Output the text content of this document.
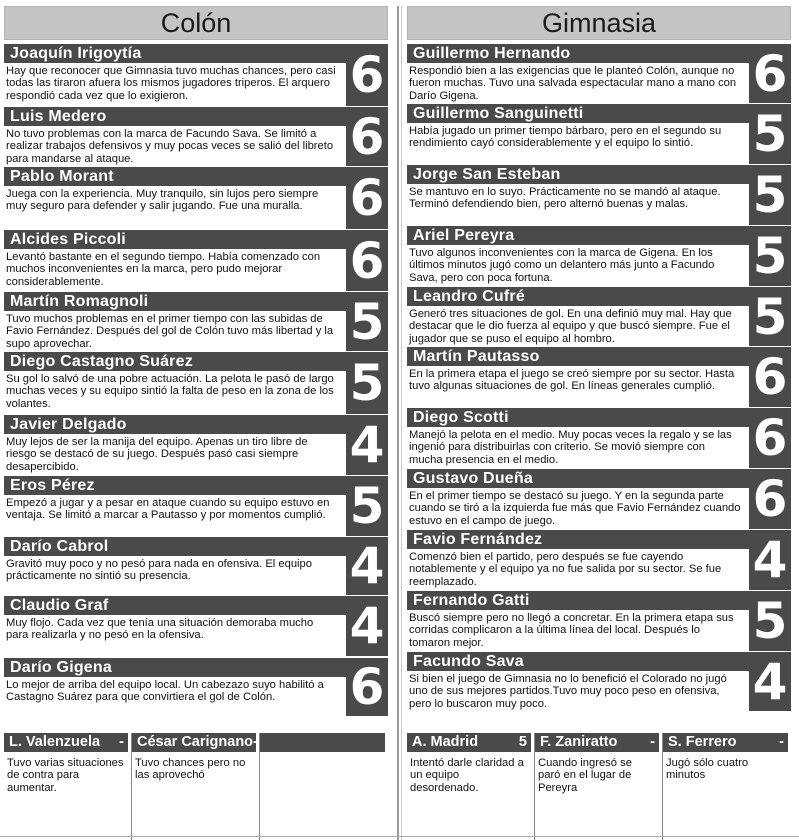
Colón
Joaquín Irigoytía
Hay que reconocer que Gimnasia tuvo muchas chances, pero casi todas las tiraron afuera los mismos jugadores triperos. El arquero respondió cada vez que lo exigieron.	6
Luis Medero
No tuvo problemas con la marca de Facundo Sava. Se limitó a realizar trabajos defensivos y muy pocas veces se salió del libreto para mandarse al ataque.	6
Pablo Morant
Juega con la experiencia. Muy tranquilo, sin lujos pero siempre muy seguro para defender y salir jugando. Fue una muralla. 6
Alcides Piccoli
Levantó bastante en el segundo tiempo. Había comenzado con muchos inconvenientes en la marca, pero pudo mejorar considerablemente.	6
Martín Romagnoli
Tuvo muchos problemas en el primer tiempo con las subidas de Favio Fernández. Después del gol de Colón tuvo más libertad y la supo aprovechar.	5
Diego Castagno Suárez
Su gol lo salvó de una pobre actuación. La pelota le pasó de largo muchas veces y su equipo sintió la falta de peso en la zona de los volantes.	5
Javier Delgado
Muy lejos de ser la manija del equipo. Apenas un tiro libre de riesgo se destacó de su juego. Después pasó casi siempre desapercibido.	4
Eros Pérez
Empezó a jugar y a pesar en ataque cuando su equipo estuvo en ventaja. Se limitó a marcar a Pautasso y por momentos cumplió. 5
Darío Cabrol
Gravitó muy poco y no pesó para nada en ofensiva. El equipo prácticamente no sintió su presencia.	4
Claudio Graf
Muy flojo. Cada vez que tenía una situación demoraba mucho para realizarla y no pesó en la ofensiva.	4
Darío Gigena
Lo mejor de arriba del equipo local. Un cabezazo suyo habilitó a Castagno Suárez para que convirtiera el gol de Colón.	6
Gimnasia
Guillermo Hernando
Respondió bien a las exigencias que le planteó Colón, aunque no fueron muchas. Tuvo una salvada espectacular mano a mano con Darío Gigena.	6
Guillermo Sanguinetti
Había jugado un primer tiempo bárbaro, pero en el segundo su rendimiento cayó considerablemente y el equipo lo sintió.	5
Jorge San Esteban
Se mantuvo en lo suyo. Prácticamente no se mandó al ataque. Terminó defendiendo bien, pero alternó buenas y malas.	5
Ariel Pereyra
Tuvo algunos inconvenientes con la marca de Gigena. En los últimos minutos jugó como un delantero más junto a Facundo Sava, pero con poca fortuna.	5
Leandro Cufré
Generó tres situaciones de gol. En una definió muy mal. Hay que destacar que le dio fuerza al equipo y que buscó siempre. Fue el jugador que se puso el equipo al hombro.	5
Martín Pautasso
En la primera etapa el juego se creó siempre por su sector. Hasta tuvo algunas situaciones de gol. En líneas generales cumplió. 6
Diego Scotti
Manejó la pelota en el medio. Muy pocas veces la regalo y se las ingenió para distribuirlas con criterio. Se movió siempre con mucha presencia en el medio.	6
Gustavo Dueña
En el primer tiempo se destacó su juego. Y en la segunda parte cuando se tiró a la izquierda fue más que Favio Fernández cuando estuvo en el campo de juego.	6
Favio Fernández
Comenzó bien el partido, pero después se fue cayendo notablemente y el equipo ya no fue salida por su sector. Se fue reemplazado.	4
Fernando Gatti
Buscó siempre pero no llegó a concretar. En la primera etapa sus corridas complicaron a la última línea del local. Después lo tomaron mejor.	5
Facundo Sava
Si bien el juego de Gimnasia no lo benefició el Colorado no jugó uno de sus mejores partidos.Tuvo muy poco peso en ofensiva, pero lo buscaron muy poco.	4
L. Valenzuela -
Tuvo varias situaciones de contra para aumentar.
César Carignano -
Tuvo chances pero no las aprovechó
A. Madrid	5
Intentó darle claridad a un equipo desordenado.
F. Zaniratto -
Cuando ingresó se paró en el lugar de Pereyra
S. Ferrero	-
Jugó sólo cuatro minutos
